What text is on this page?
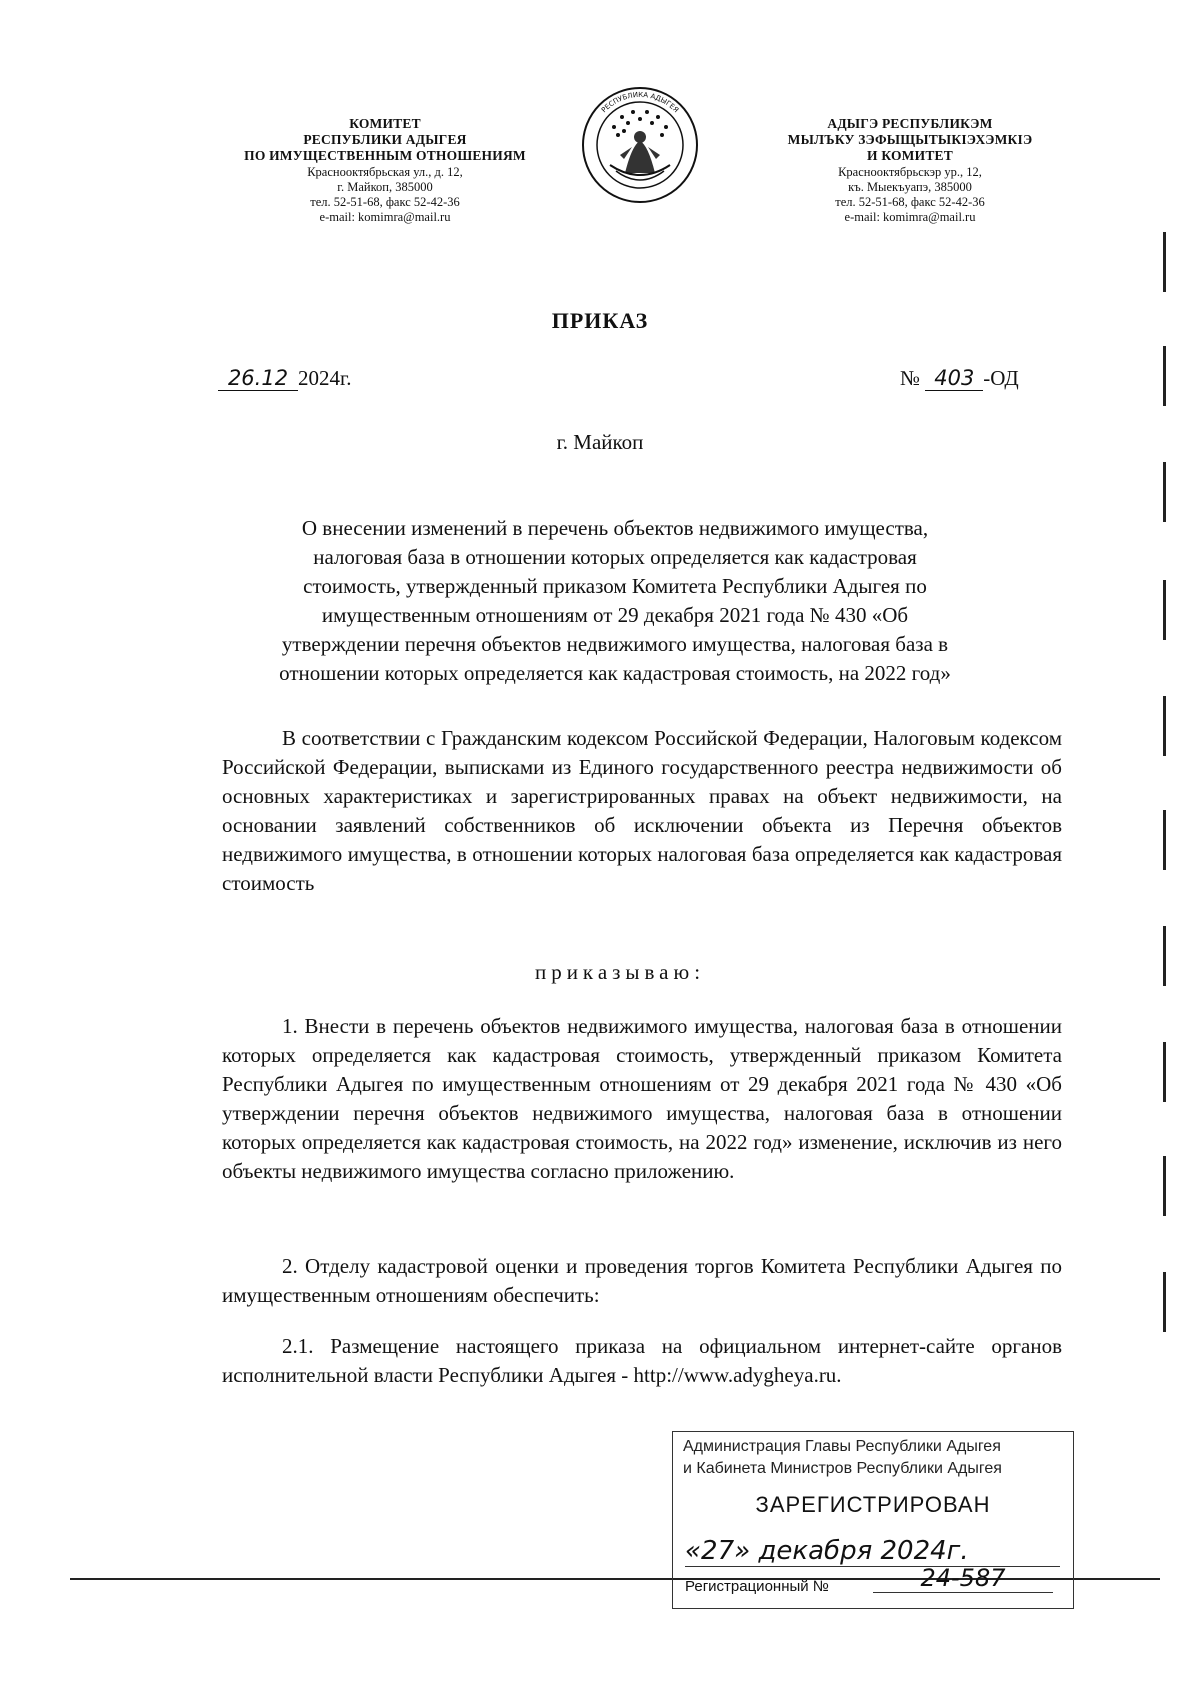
КОМИТЕТ
РЕСПУБЛИКИ АДЫГЕЯ
ПО ИМУЩЕСТВЕННЫМ ОТНОШЕНИЯМ
Краснооктябрьская ул., д. 12,
г. Майкоп, 385000
тел. 52-51-68, факс 52-42-36
e-mail: komimra@mail.ru
РЕСПУБЛИКА АДЫГЕЯ
АДЫГЭ РЕСПУБЛИКЭМ
МЫЛЪКУ ЗЭФЫЩЫТЫКIЭХЭМКIЭ
И КОМИТЕТ
Краснооктябрьскэр ур., 12,
къ. Мыекъуапэ, 385000
тел. 52-51-68, факс 52-42-36
e-mail: komimra@mail.ru
ПРИКАЗ
26.12 2024г.	№ 403 -ОД
г. Майкоп
О внесении изменений в перечень объектов недвижимого имущества,
налоговая база в отношении которых определяется как кадастровая
стоимость, утвержденный приказом Комитета Республики Адыгея по
имущественным отношениям от 29 декабря 2021 года № 430 «Об
утверждении перечня объектов недвижимого имущества, налоговая база в
отношении которых определяется как кадастровая стоимость, на 2022 год»
В соответствии с Гражданским кодексом Российской Федерации, Налоговым кодексом Российской Федерации, выписками из Единого государственного реестра недвижимости об основных характеристиках и зарегистрированных правах на объект недвижимости, на основании заявлений собственников об исключении объекта из Перечня объектов недвижимого имущества, в отношении которых налоговая база определяется как кадастровая стоимость
приказываю:
1. Внести в перечень объектов недвижимого имущества, налоговая база в отношении которых определяется как кадастровая стоимость, утвержденный приказом Комитета Республики Адыгея по имущественным отношениям от 29 декабря 2021 года № 430 «Об утверждении перечня объектов недвижимого имущества, налоговая база в отношении которых определяется как кадастровая стоимость, на 2022 год» изменение, исключив из него объекты недвижимого имущества согласно приложению.
2. Отделу кадастровой оценки и проведения торгов Комитета Республики Адыгея по имущественным отношениям обеспечить:
2.1. Размещение настоящего приказа на официальном интернет-сайте органов исполнительной власти Республики Адыгея - http://www.adygheya.ru.
Администрация Главы Республики Адыгея
и Кабинета Министров Республики Адыгея
ЗАРЕГИСТРИРОВАН
«27» декабря 2024г.
Регистрационный №	24-587
